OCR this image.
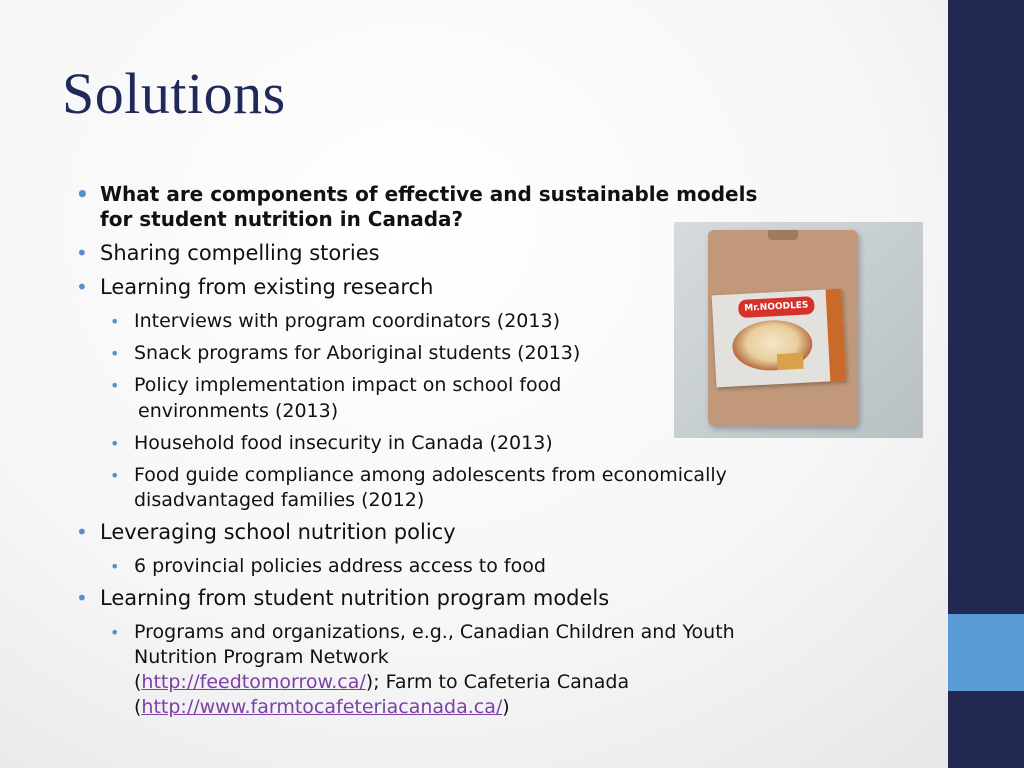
Solutions
• What are components of effective and sustainable models for student nutrition in Canada?
• Sharing compelling stories
• Learning from existing research
• Interviews with program coordinators (2013)
• Snack programs for Aboriginal students (2013)
• Policy implementation impact on school food
environments (2013)
• Household food insecurity in Canada (2013)
• Food guide compliance among adolescents from economically disadvantaged families (2012)
• Leveraging school nutrition policy
• 6 provincial policies address access to food
• Learning from student nutrition program models
• Programs and organizations, e.g., Canadian Children and Youth Nutrition Program Network
(http://feedtomorrow.ca/); Farm to Cafeteria Canada
(http://www.farmtocafeteriacanada.ca/)
Mr.NOODLES
